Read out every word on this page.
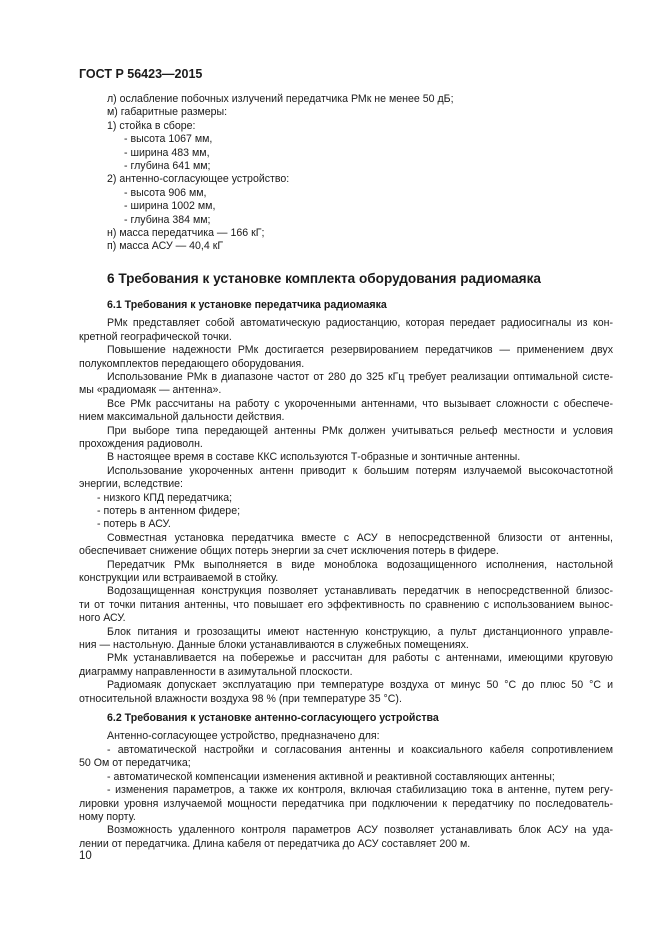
ГОСТ Р 56423—2015
л) ослабление побочных излучений передатчика РМк не менее 50 дБ;
м) габаритные размеры:
1) стойка в сборе:
- высота 1067 мм,
- ширина 483 мм,
- глубина 641 мм;
2) антенно-согласующее устройство:
- высота 906 мм,
- ширина 1002 мм,
- глубина 384 мм;
н) масса передатчика — 166 кГ;
п) масса АСУ — 40,4 кГ
6 Требования к установке комплекта оборудования радиомаяка
6.1 Требования к установке передатчика радиомаяка
РМк представляет собой автоматическую радиостанцию, которая передает радиосигналы из кон-
кретной географической точки.
Повышение надежности РМк достигается резервированием передатчиков — применением двух
полукомплектов передающего оборудования.
Использование РМк в диапазоне частот от 280 до 325 кГц требует реализации оптимальной систе-
мы «радиомаяк — антенна».
Все РМк рассчитаны на работу с укороченными антеннами, что вызывает сложности с обеспече-
нием максимальной дальности действия.
При выборе типа передающей антенны РМк должен учитываться рельеф местности и условия
прохождения радиоволн.
В настоящее время в составе ККС используются Т-образные и зонтичные антенны.
Использование укороченных антенн приводит к большим потерям излучаемой высокочастотной
энергии, вследствие:
- низкого КПД передатчика;
- потерь в антенном фидере;
- потерь в АСУ.
Совместная установка передатчика вместе с АСУ в непосредственной близости от антенны,
обеспечивает снижение общих потерь энергии за счет исключения потерь в фидере.
Передатчик РМк выполняется в виде моноблока водозащищенного исполнения, настольной
конструкции или встраиваемой в стойку.
Водозащищенная конструкция позволяет устанавливать передатчик в непосредственной близос-
ти от точки питания антенны, что повышает его эффективность по сравнению с использованием вынос-
ного АСУ.
Блок питания и грозозащиты имеют настенную конструкцию, а пульт дистанционного управле-
ния — настольную. Данные блоки устанавливаются в служебных помещениях.
РМк устанавливается на побережье и рассчитан для работы с антеннами, имеющими круговую
диаграмму направленности в азимутальной плоскости.
Радиомаяк допускает эксплуатацию при температуре воздуха от минус 50 °С до плюс 50 °С и
относительной влажности воздуха 98 % (при температуре 35 °С).
6.2 Требования к установке антенно-согласующего устройства
Антенно-согласующее устройство, предназначено для:
- автоматической настройки и согласования антенны и коаксиального кабеля сопротивлением
50 Ом от передатчика;
- автоматической компенсации изменения активной и реактивной составляющих антенны;
- изменения параметров, а также их контроля, включая стабилизацию тока в антенне, путем регу-
лировки уровня излучаемой мощности передатчика при подключении к передатчику по последователь-
ному порту.
Возможность удаленного контроля параметров АСУ позволяет устанавливать блок АСУ на уда-
лении от передатчика. Длина кабеля от передатчика до АСУ составляет 200 м.
10
